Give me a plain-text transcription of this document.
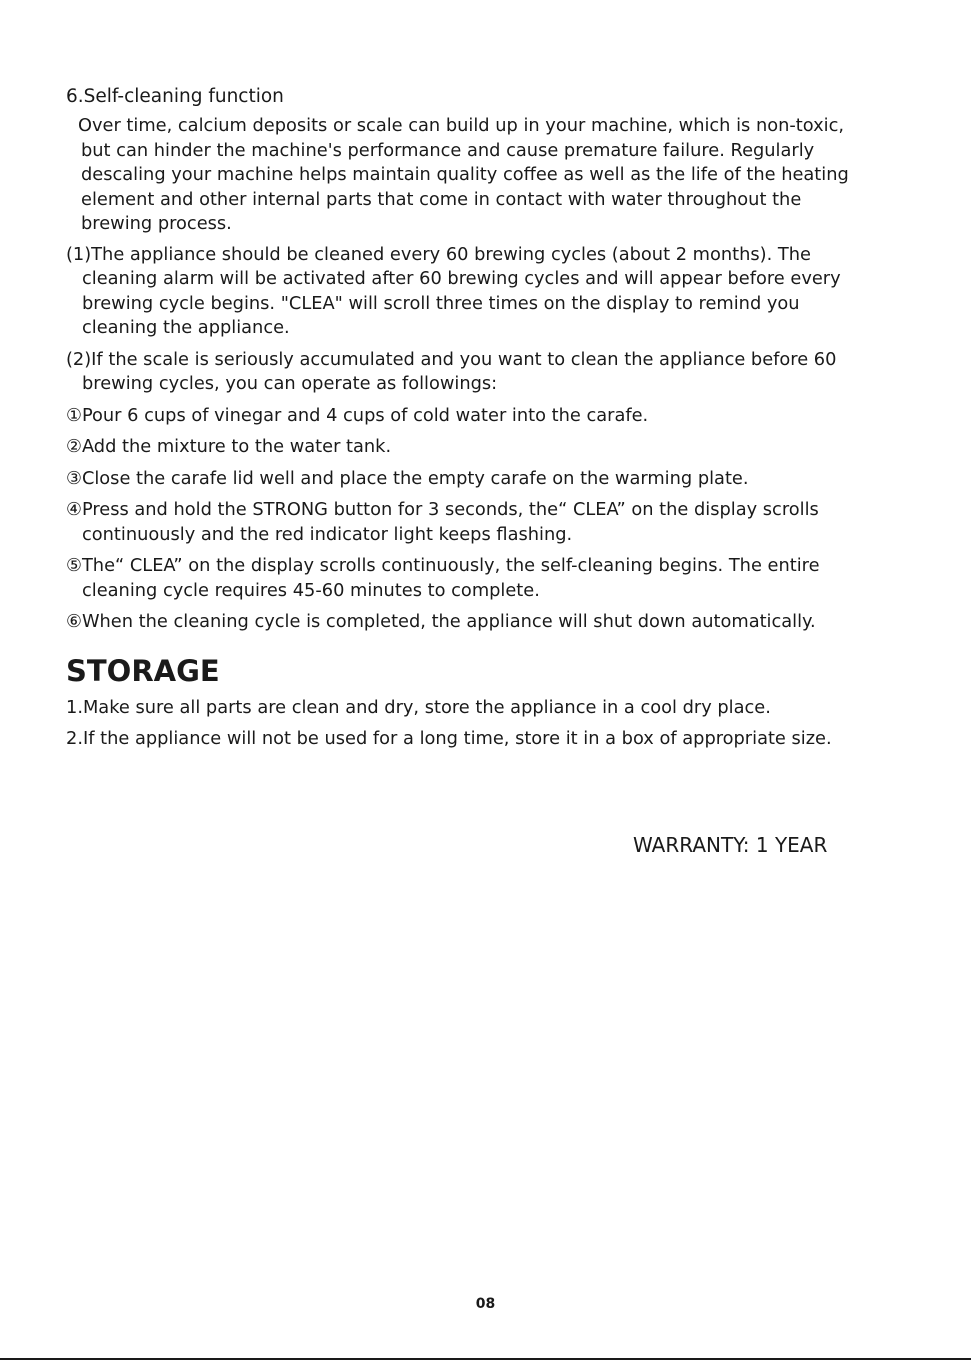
6.Self-cleaning function

Over time, calcium deposits or scale can build up in your machine, which is non-toxic, but can hinder the machine's performance and cause premature failure. Regularly descaling your machine helps maintain quality coffee as well as the life of the heating element and other internal parts that come in contact with water throughout the brewing process.

(1)The appliance should be cleaned every 60 brewing cycles (about 2 months). The cleaning alarm will be activated after 60 brewing cycles and will appear before every brewing cycle begins. "CLEA" will scroll three times on the display to remind you cleaning the appliance.

(2)If the scale is seriously accumulated and you want to clean the appliance before 60 brewing cycles, you can operate as followings:

①Pour 6 cups of vinegar and 4 cups of cold water into the carafe.

②Add the mixture to the water tank.

③Close the carafe lid well and place the empty carafe on the warming plate.

④Press and hold the STRONG button for 3 seconds, the“ CLEA” on the display scrolls continuously and the red indicator light keeps flashing.

⑤The“ CLEA” on the display scrolls continuously, the self-cleaning begins. The entire cleaning cycle requires 45-60 minutes to complete.

⑥When the cleaning cycle is completed, the appliance will shut down automatically.

STORAGE

1.Make sure all parts are clean and dry, store the appliance in a cool dry place.

2.If the appliance will not be used for a long time, store it in a box of appropriate size.

WARRANTY: 1 YEAR
08
